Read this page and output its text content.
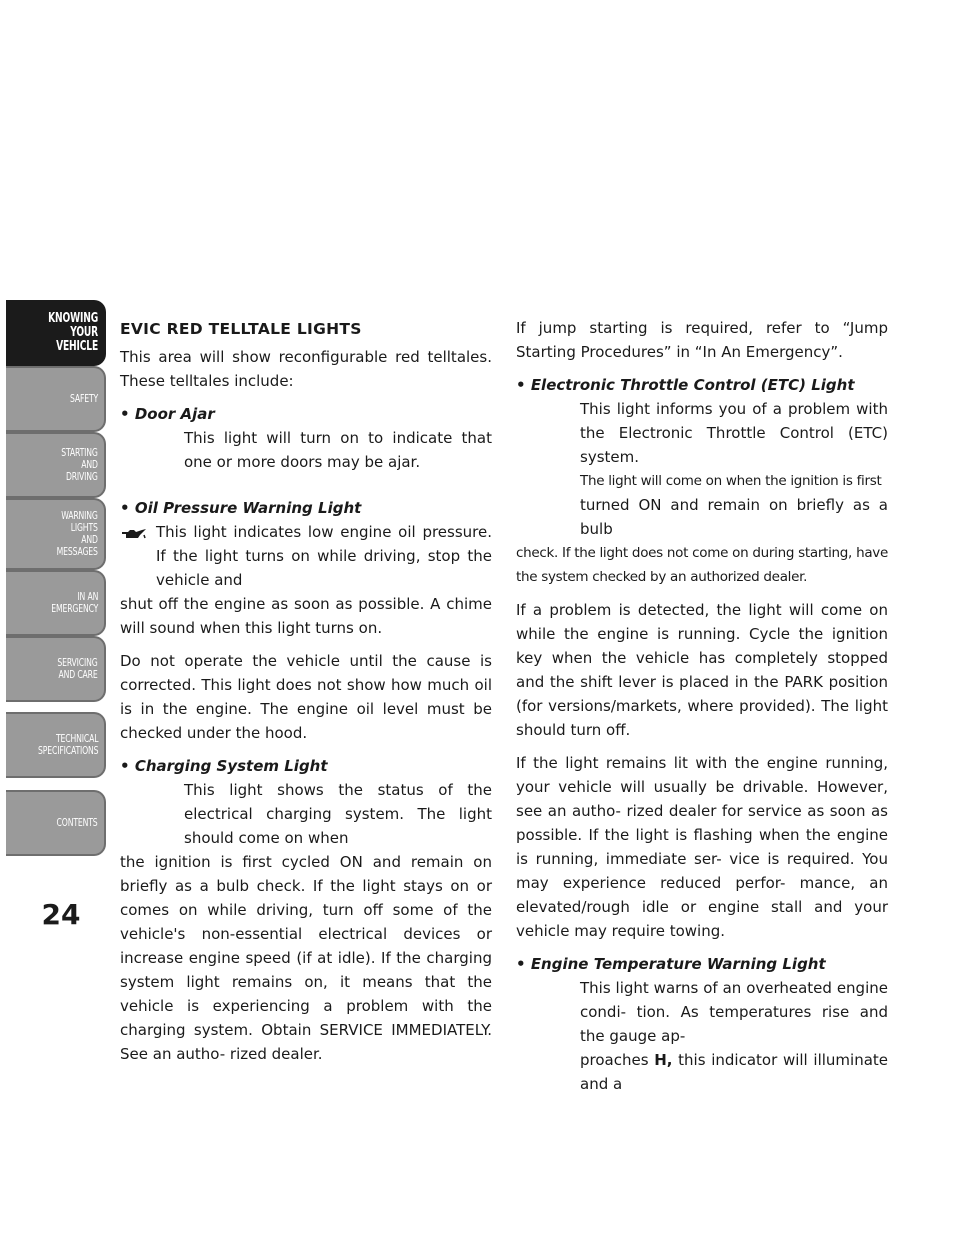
KNOWING
YOUR
VEHICLE
SAFETY
STARTING
AND
DRIVING
WARNING
LIGHTS
AND
MESSAGES
IN AN
EMERGENCY
SERVICING
AND CARE
TECHNICAL
SPECIFICATIONS
CONTENTS
24
EVIC RED TELLTALE LIGHTS

This area will show reconfigurable red telltales. These telltales include:

• Door Ajar
This light will turn on to indicate that one or more doors may be ajar.
• Oil Pressure Warning Light
This light indicates low engine oil pressure. If the light turns on while driving, stop the vehicle and

shut off the engine as soon as possible. A chime will sound when this light turns on.

Do not operate the vehicle until the cause is corrected. This light does not show how much oil is in the engine. The engine oil level must be checked under the hood.

• Charging System Light
This light shows the status of the electrical charging system. The light should come on when

the ignition is first cycled ON and remain on briefly as a bulb check. If the light stays on or comes on while driving, turn off some of the vehicle's non-essential electrical devices or increase engine speed (if at idle). If the charging system light remains on, it means that the vehicle is experiencing a problem with the charging system. Obtain SERVICE IMMEDIATELY. See an autho- rized dealer.

If jump starting is required, refer to “Jump Starting Procedures” in “In An Emergency”.

• Electronic Throttle Control (ETC) Light
This light informs you of a problem with the Electronic Throttle Control (ETC) system.
The light will come on when the ignition is first
turned ON and remain on briefly as a bulb

check. If the light does not come on during starting, have the system checked by an authorized dealer.

If a problem is detected, the light will come on while the engine is running. Cycle the ignition key when the vehicle has completely stopped and the shift lever is placed in the PARK position (for versions/markets, where provided). The light should turn off.

If the light remains lit with the engine running, your vehicle will usually be drivable. However, see an autho- rized dealer for service as soon as possible. If the light is flashing when the engine is running, immediate ser- vice is required. You may experience reduced perfor- mance, an elevated/rough idle or engine stall and your vehicle may require towing.

• Engine Temperature Warning Light
This light warns of an overheated engine condi- tion. As temperatures rise and the gauge ap-
proaches H, this indicator will illuminate and a
